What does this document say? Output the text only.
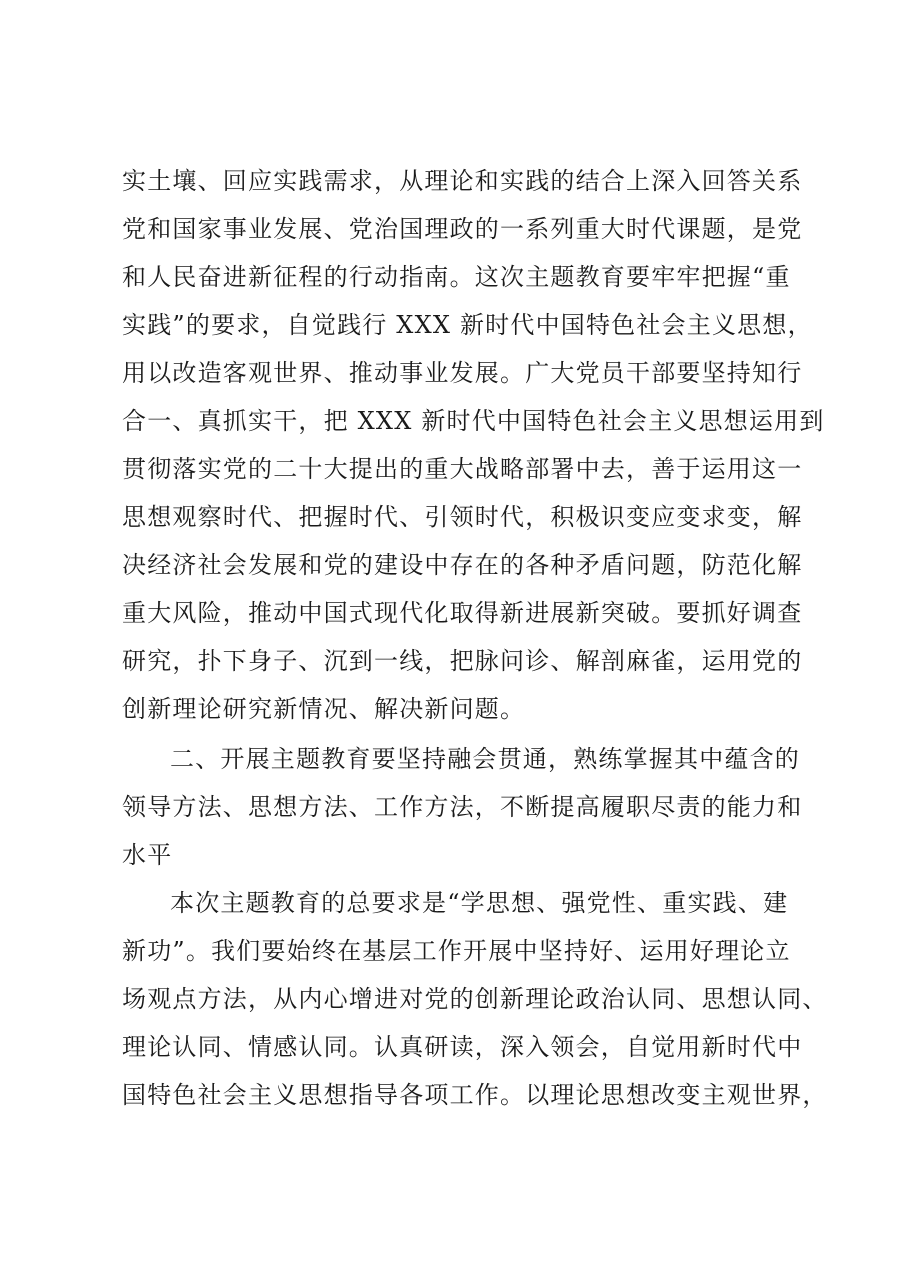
实土壤、回应实践需求，从理论和实践的结合上深入回答关系
党和国家事业发展、党治国理政的一系列重大时代课题，是党
和人民奋进新征程的行动指南。这次主题教育要牢牢把握“重
实践”的要求，自觉践行 XXX 新时代中国特色社会主义思想，
用以改造客观世界、推动事业发展。广大党员干部要坚持知行
合一、真抓实干，把 XXX 新时代中国特色社会主义思想运用到
贯彻落实党的二十大提出的重大战略部署中去，善于运用这一
思想观察时代、把握时代、引领时代，积极识变应变求变，解
决经济社会发展和党的建设中存在的各种矛盾问题，防范化解
重大风险，推动中国式现代化取得新进展新突破。要抓好调查
研究，扑下身子、沉到一线，把脉问诊、解剖麻雀，运用党的
创新理论研究新情况、解决新问题。
二、开展主题教育要坚持融会贯通，熟练掌握其中蕴含的
领导方法、思想方法、工作方法，不断提高履职尽责的能力和
水平
本次主题教育的总要求是“学思想、强党性、重实践、建
新功”。我们要始终在基层工作开展中坚持好、运用好理论立
场观点方法，从内心增进对党的创新理论政治认同、思想认同、
理论认同、情感认同。认真研读，深入领会，自觉用新时代中
国特色社会主义思想指导各项工作。以理论思想改变主观世界，
